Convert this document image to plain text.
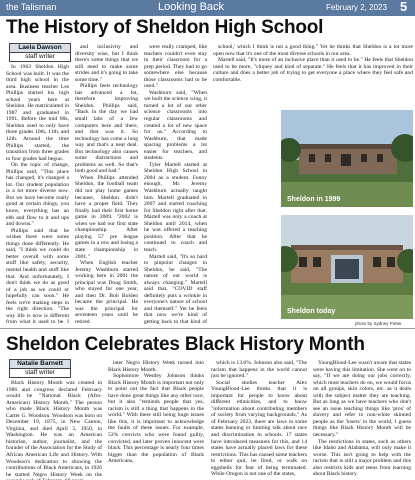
the Talisman	Looking Back	February 2, 2023 5
The History of Sheldon High School
Laela Dawson
staff writer

In 1963 Sheldon High School was built. It was the third high school in the area. Business teacher Les Phillips started his high school years here at Sheldon. He matriculated in 1987 and graduated in 1991. Before the mid 80s, Sheldon used to only have three grades 10th, 11th, and 12th. Around the time Phillips started, the transition from three grades to four grades had begun.

On the topic of change, Phillips said, "This place has changed, it's changed a lot. Our student population is a lot more diverse now. But we have become really good at certain things, you know, everything has an ebb and flow to it and ups and downs."

Phillips said that he wishes there were some things done differently. He said, "I think we could do better overall with some stuff like safety, security, mental health and stuff like that. And unfortunately, I don't think we do as good of a job as we could or hopefully can soon." He feels we're making steps in the right direction. "The way life is now is different from what it used to be. I

and inclusivity and diversity wise, but I think there's some things that we still need to make some strides and it's going to take some time."

Phillips feels technology has advanced a lot, therefore improving Sheldon. Phillips said, "Back in the day we had small labs of a few computers here and there, and that was it. So technology has come a long way and that's a neat deal. But technology also causes some distractions and problems as well. So that's both good and bad."

When Phillips attended Sheldon, the football team did not play home games because, Sheldon didn't have a proper field. They finally had their first home game in 2009. "2002 is when we had our first state championship. After playing 57 pre league games in a row and losing a state championship in 2001."

When English teacher Jeremy Washburn started working here in 2001 the principal was Doug Smith, who stayed for one year, and then Dr. Bob Bolden became the principal. He was the principal for seventeen years until he retired.

were really cramped, like teachers couldn't even stay in their classroom for a prep period. They had to go somewhere else because those classrooms had to be used."

Washburn said, "When we built the science wing, it turned a lot of our other science classrooms into regular classrooms and created a lot of new space for us." According to Washburn, that made spacing problems a lot easier for teachers, and students.

Tyler Martell started at Sheldon High School in 2004 as a student. Funny enough, Mr. Jeremy Washburn actually taught him. Martell graduated in 2007 and started coaching for Sheldon right after that. Martell was only a coach at Sheldon until 2014, when he was offered a teaching position. After that he continued to coach and teach.

Martell said, "It's so hard to pinpoint changes in Sheldon, he said, "The nature of our world is always changing." Martell said that, "COVID staff definitely puts a wrinkle in everyone's nature of school and themself." Yet he feels that now we're kind of getting back to that kind of

school,' which I think is not a good thing." Yet he thinks that Sheldon is a lot more open now that it's one of the most diverse schools in our area.

Martell said, "It's more of an inclusive place than it used to be." He feels that Sheldon used to be more, "cliquey and kind of separate." He feels that it has improved in their culture and does a better job of trying to get everyone a place where they feel safe and comfortable.

Sheldon in 1999
Sheldon today
photo by Sydney Potter
Sheldon Celebrates Black History Month
Natalie Barnett
staff writer

Black History Month was created in 1986 and congress declared February would be "National Black (Afro-American) History Month." The person who made Black History Month was Carter G. Woodson. Woodson was born on December 19, 1875, in New Canton, Virginia, and died April 3, 1950, in Washington. He was an American historian, author, journalist, and the founder of the Association for the Study of African American Life and History. With Woodson's dedication to showing the contributions of Black Americans, in 1926 he started Negro History Week on the

later Negro History Week turned into Black History Month.

Sophomore Westley Johnson thinks Black History Month is important not only to point out the fact that Black people have done great things like any other race, but it also "reminds people that yes, racism is still a thing that happens in the world." With there still being huge issues like this, it is important to acknowledge the faults of these issues. For example, 53% convicts who were found guilty, convicted, and later proven innocent were black. This percentage is nearly four times bigger than the population of Black Americans,

which is 13.6%. Johnson also said, "The racism that happens in the world cannot just be ignored."

Social studies teacher Alex YoungBlood-Lee thinks that it is important for people to know about different ethnicities, and to know "information about contributing members of society from varying backgrounds." As of February 2023, there are laws in some states banning or limiting talk about race and discrimination in schools. 17 states have introduced measures for this, and 14 states have actually placed laws for these restrictions. This has caused some teachers to either quit, be fired, or walk on eggshells for fear of being terminated. While Oregon is not one of the states,

YoungBlood-Lee wasn't aware that states were having this limitation. She went on to say, "If we are doing our jobs correctly, which most teachers do on, we would focus on all groups, skin colors, etc. as it deals with the subject matter they are teaching. But as long as we have teachers who don't see an issue teaching things like 'pros' of slavery and refer to non-white skinned people as the 'losers' in the world, I guess things like Black History Month will be necessary."

The restrictions in states, such as others like Idaho and Alabama, will only make it worse. This isn't going to help with the racism that is still a major problem and this also restricts kids and teens from learning about Black history.
